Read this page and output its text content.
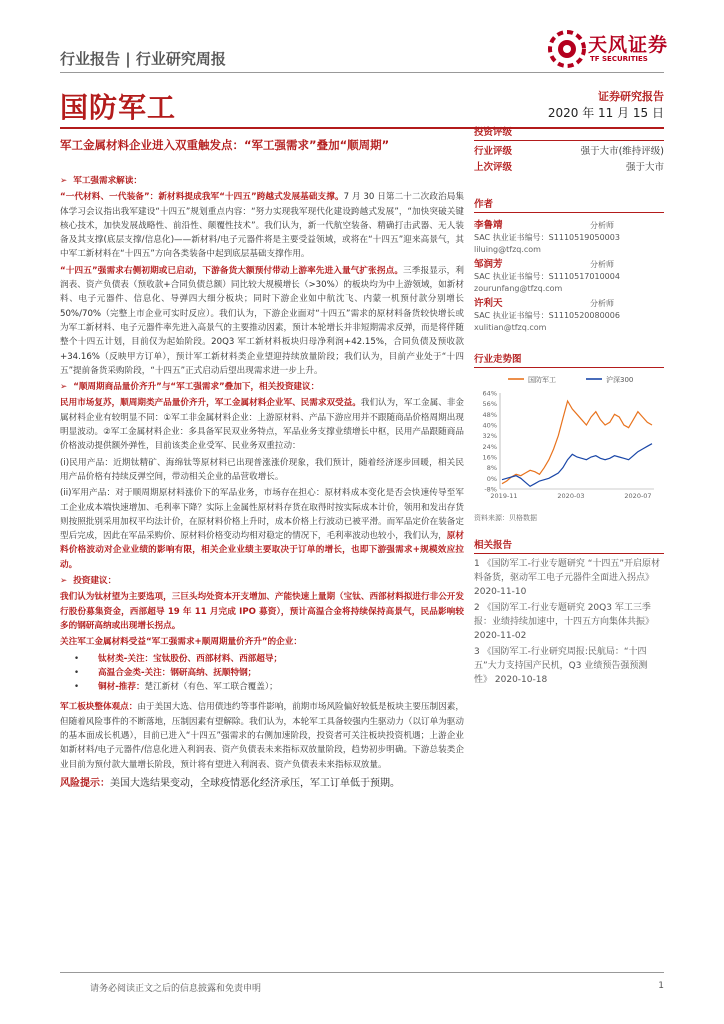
行业报告 | 行业研究周报
天风证券
TF SECURITIES
国防军工	证券研究报告
2020 年 11 月 15 日
军工金属材料企业进入双重触发点：“军工强需求”叠加“顺周期”
➢  军工强需求解读：

“一代材料、一代装备”：新材料提成我军“十四五”跨越式发展基础支撑。7 月 30 日第二十二次政治局集体学习会议指出我军建设“十四五”规划重点内容：“努力实现我军现代化建设跨越式发展”，“加快突破关键核心技术，加快发展战略性、前沿性、颠覆性技术”。我们认为，新一代航空装备、精确打击武器、无人装备及其支撑(底层支撑/信息化)——新材料/电子元器件将是主要受益领域，或将在“十四五”迎来高景气，其中军工新材料在“十四五”方向各类装备中起到底层基础支撑作用。

“十四五”强需求右侧初期或已启动，下游备货大额预付带动上游率先进入量气扩张拐点。三季报显示，利润表、资产负债表（预收款+合同负债总额）同比较大规模增长（>30%）的板块均为中上游领域，如新材料、电子元器件、信息化、导弹四大细分板块；同时下游企业如中航沈飞、内蒙一机预付款分别增长 50%/70%（完整上市企业可实时反应）。我们认为，下游企业面对“十四五”需求的原材料备货较快增长或为军工新材料、电子元器件率先进入高景气的主要推动因素，预计本轮增长并非短期需求反弹，而是将伴随整个十四五计划，目前仅为起始阶段。20Q3 军工新材料板块归母净利润+42.15%，合同负债及预收款+34.16%（反映甲方订单），预计军工新材料类企业望迎持续放量阶段；我们认为，目前产业处于“十四五”提前备货采购阶段，“十四五”正式启动后望出现需求进一步上升。

➢  “顺周期商品量价齐升”与“军工强需求”叠加下，相关投资建议：

民用市场复苏，顺周期类产品量价齐升，军工金属材料企业军、民需求双受益。我们认为，军工金属、非金属材料企业有较明显不同：①军工非金属材料企业：上游原材料、产品下游应用并不跟随商品价格周期出现明显波动。②军工金属材料企业：多具备军民双业务特点，军品业务支撑业绩增长中枢，民用产品跟随商品价格波动提供额外弹性，目前该类企业受军、民业务双重拉动：

(i)民用产品：近期钛精矿、海绵钛等原材料已出现普涨涨价现象，我们预计，随着经济逐步回暖，相关民用产品价格有持续反弹空间，带动相关企业的品营收增长。

(ii)军用产品：对于顺周期原材料涨价下的军品业务，市场存在担心：原材料成本变化是否会快速传导至军工企业成本端快速增加、毛利率下降？实际上金属性原材料存货在取得时按实际成本计价，领用和发出存货则按照批别采用加权平均法计价，在原材料价格上升时，成本价格上行波动已被平滑。而军品定价在装备定型后完成，因此在军品采购价、原材料价格变动均相对稳定的情况下，毛利率波动也较小，我们认为，原材料价格波动对企业业绩的影响有限，相关企业业绩主要取决于订单的增长，也即下游强需求+规模效应拉动。

➢  投资建议：

我们认为钛材望为主要选项，三巨头均处资本开支增加、产能快速上量期（宝钛、西部材料拟进行非公开发行股份募集资金，西部超导 19 年 11 月完成 IPO 募资），预计高温合金将持续保持高景气，民品影响较多的钢研高纳或出现增长拐点。

关注军工金属材料受益“军工强需求+顺周期量价齐升”的企业：

• 钛材类-关注：宝钛股份、西部材料、西部超导；
• 高温合金类-关注：钢研高纳、抚顺特钢；
• 铜材-推荐：楚江新材（有色、军工联合覆盖）；

军工板块整体观点：由于美国大选、信用债违约等事件影响，前期市场风险偏好较低是板块主要压制因素，但随着风险事件的不断落地，压制因素有望解除。我们认为，本轮军工具备较强内生驱动力（以订单为驱动的基本面成长机遇），目前已进入“十四五”强需求的右侧加速阶段，投资者可关注板块投资机遇；上游企业如新材料/电子元器件/信息化进入利润表、资产负债表未来指标双放量阶段，趋势初步明确。下游总装类企业目前为预付款大量增长阶段，预计将有望进入利润表、资产负债表未来指标双放量。

风险提示：美国大选结果变动，全球疫情恶化经济承压，军工订单低于预期。

投资评级
行业评级	强于大市(维持评级)
上次评级	强于大市
作者
李鲁靖	分析师
SAC 执业证书编号：S1110519050003
liluing@tfzq.com
邹润芳	分析师
SAC 执业证书编号：S1110517010004
zourunfang@tfzq.com
许利天	分析师
SAC 执业证书编号：S1110520080006
xulitian@tfzq.com
行业走势图
国防军工	沪深300
-8%
0%
8%
16%
24%
32%
40%
48%
56%
64%
2019-11	2020-03	2020-07
资料来源：贝格数据
相关报告

1 《国防军工-行业专题研究 “十四五”开启原材料备货，驱动军工电子元器件全面进入拐点》 2020-11-10

2 《国防军工-行业专题研究 20Q3 军工三季报：业绩持续加速中，十四五方向集体共振》 2020-11-02

3 《国防军工-行业研究周报:民航局：“十四五”大力支持国产民机，Q3 业绩预告强预测性》 2020-10-18

请务必阅读正文之后的信息披露和免责申明	1
